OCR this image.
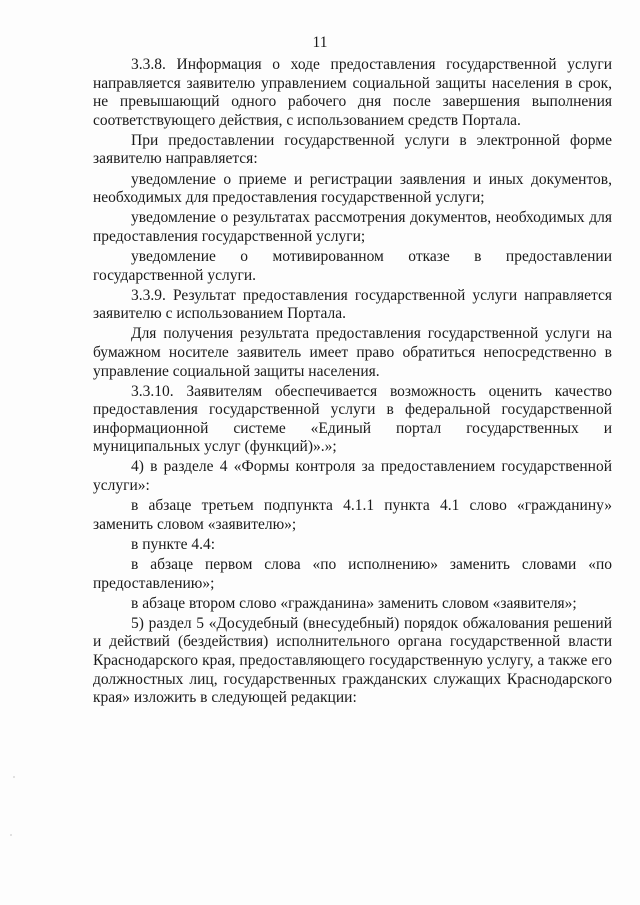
11

3.3.8. Информация о ходе предоставления государственной услуги направляется заявителю управлением социальной защиты населения в срок, не превышающий одного рабочего дня после завершения выполнения соответствующего действия, с использованием средств Портала.

При предоставлении государственной услуги в электронной форме заявителю направляется:

уведомление о приеме и регистрации заявления и иных документов, необходимых для предоставления государственной услуги;

уведомление о результатах рассмотрения документов, необходимых для предоставления государственной услуги;

уведомление о мотивированном отказе в предоставлении государственной услуги.

3.3.9. Результат предоставления государственной услуги направляется заявителю с использованием Портала.

Для получения результата предоставления государственной услуги на бумажном носителе заявитель имеет право обратиться непосредственно в управление социальной защиты населения.

3.3.10. Заявителям обеспечивается возможность оценить качество предоставления государственной услуги в федеральной государственной информационной системе «Единый портал государственных и муниципальных услуг (функций)».»;

4) в разделе 4 «Формы контроля за предоставлением государственной услуги»:

в абзаце третьем подпункта 4.1.1 пункта 4.1 слово «гражданину» заменить словом «заявителю»;

в пункте 4.4:

в абзаце первом слова «по исполнению» заменить словами «по предоставлению»;

в абзаце втором слово «гражданина» заменить словом «заявителя»;

5) раздел 5 «Досудебный (внесудебный) порядок обжалования решений и действий (бездействия) исполнительного органа государственной власти Краснодарского края, предоставляющего государственную услугу, а также его должностных лиц, государственных гражданских служащих Краснодарского края» изложить в следующей редакции:
